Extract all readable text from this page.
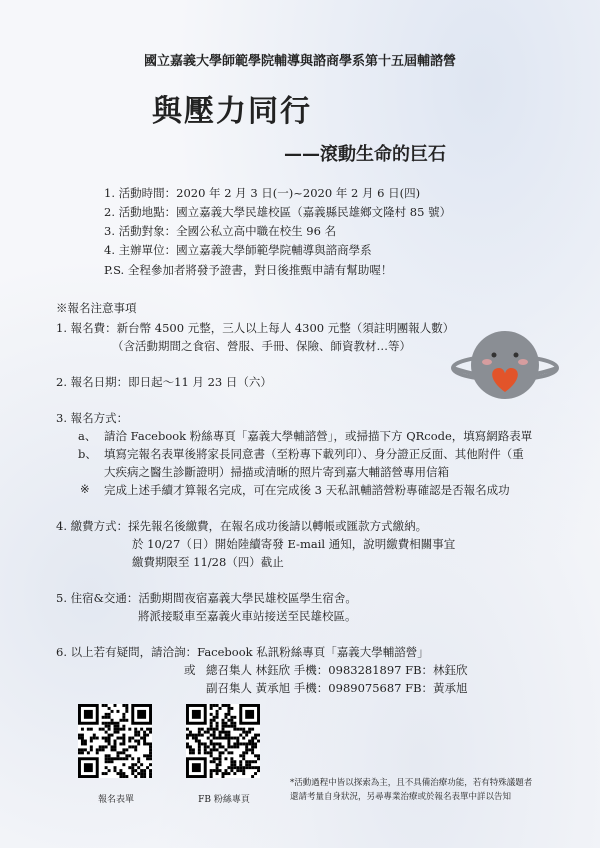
國立嘉義大學師範學院輔導與諮商學系第十五屆輔諮營
與壓力同行
——滾動生命的巨石
1. 活動時間：2020 年 2 月 3 日(一)~2020 年 2 月 6 日(四)
2. 活動地點：國立嘉義大學民雄校區（嘉義縣民雄鄉文隆村 85 號）
3. 活動對象：全國公私立高中職在校生 96 名
4. 主辦單位：國立嘉義大學師範學院輔導與諮商學系
P.S. 全程參加者將發予證書，對日後推甄申請有幫助喔！
※報名注意事項
1. 報名費：新台幣 4500 元整，三人以上每人 4300 元整（須註明團報人數）
（含活動期間之食宿、營服、手冊、保險、師資教材…等）
2. 報名日期：即日起～11 月 23 日（六）
3. 報名方式：
a、 請洽 Facebook 粉絲專頁「嘉義大學輔諮營」，或掃描下方 QRcode，填寫網路表單
b、 填寫完報名表單後將家長同意書（至粉專下載列印）、身分證正反面、其他附件（重
大疾病之醫生診斷證明）掃描或清晰的照片寄到嘉大輔諮營專用信箱
※ 完成上述手續才算報名完成，可在完成後 3 天私訊輔諮營粉專確認是否報名成功
4. 繳費方式：採先報名後繳費，在報名成功後請以轉帳或匯款方式繳納。
於 10/27（日）開始陸續寄發 E-mail 通知，說明繳費相關事宜
繳費期限至 11/28（四）截止
5. 住宿&交通：活動期間夜宿嘉義大學民雄校區學生宿舍。
將派接駁車至嘉義火車站接送至民雄校區。
6. 以上若有疑問，請洽詢：Facebook 私訊粉絲專頁「嘉義大學輔諮營」
或 總召集人 林鈺欣 手機：0983281897 FB：林鈺欣
副召集人 黃承旭 手機：0989075687 FB：黃承旭
報名表單	FB 粉絲專頁
*活動過程中皆以探索為主，且不具備治療功能，若有特殊議題者
還請考量自身狀況，另尋專業治療或於報名表單中詳以告知
